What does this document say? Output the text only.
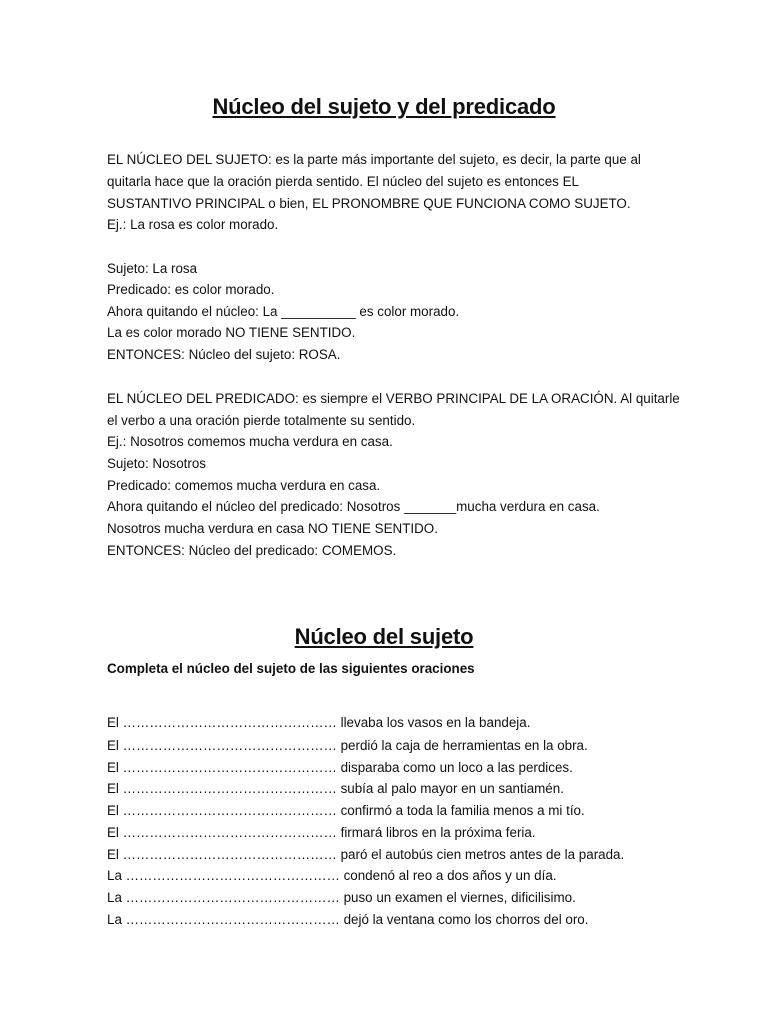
Núcleo del sujeto y del predicado
EL NÚCLEO DEL SUJETO: es la parte más importante del sujeto, es decir, la parte que al
quitarla hace que la oración pierda sentido. El núcleo del sujeto es entonces EL
SUSTANTIVO PRINCIPAL o bien, EL PRONOMBRE QUE FUNCIONA COMO SUJETO.
Ej.: La rosa es color morado.
Sujeto: La rosa
Predicado: es color morado.
Ahora quitando el núcleo: La __________ es color morado.
La es color morado NO TIENE SENTIDO.
ENTONCES: Núcleo del sujeto: ROSA.
EL NÚCLEO DEL PREDICADO: es siempre el VERBO PRINCIPAL DE LA ORACIÓN. Al quitarle
el verbo a una oración pierde totalmente su sentido.
Ej.: Nosotros comemos mucha verdura en casa.
Sujeto: Nosotros
Predicado: comemos mucha verdura en casa.
Ahora quitando el núcleo del predicado: Nosotros _______mucha verdura en casa.
Nosotros mucha verdura en casa NO TIENE SENTIDO.
ENTONCES: Núcleo del predicado: COMEMOS.
Núcleo del sujeto
Completa el núcleo del sujeto de las siguientes oraciones
El ………………………………………… llevaba los vasos en la bandeja.
El ………………………………………… perdió la caja de herramientas en la obra.
El ………………………………………… disparaba como un loco a las perdices.
El ………………………………………… subía al palo mayor en un santiamén.
El ………………………………………… confirmó a toda la familia menos a mi tío.
El ………………………………………… firmará libros en la próxima feria.
El ………………………………………… paró el autobús cien metros antes de la parada.
La ………………………………………… condenó al reo a dos años y un día.
La ………………………………………… puso un examen el viernes, dificilisimo.
La ………………………………………… dejó la ventana como los chorros del oro.
